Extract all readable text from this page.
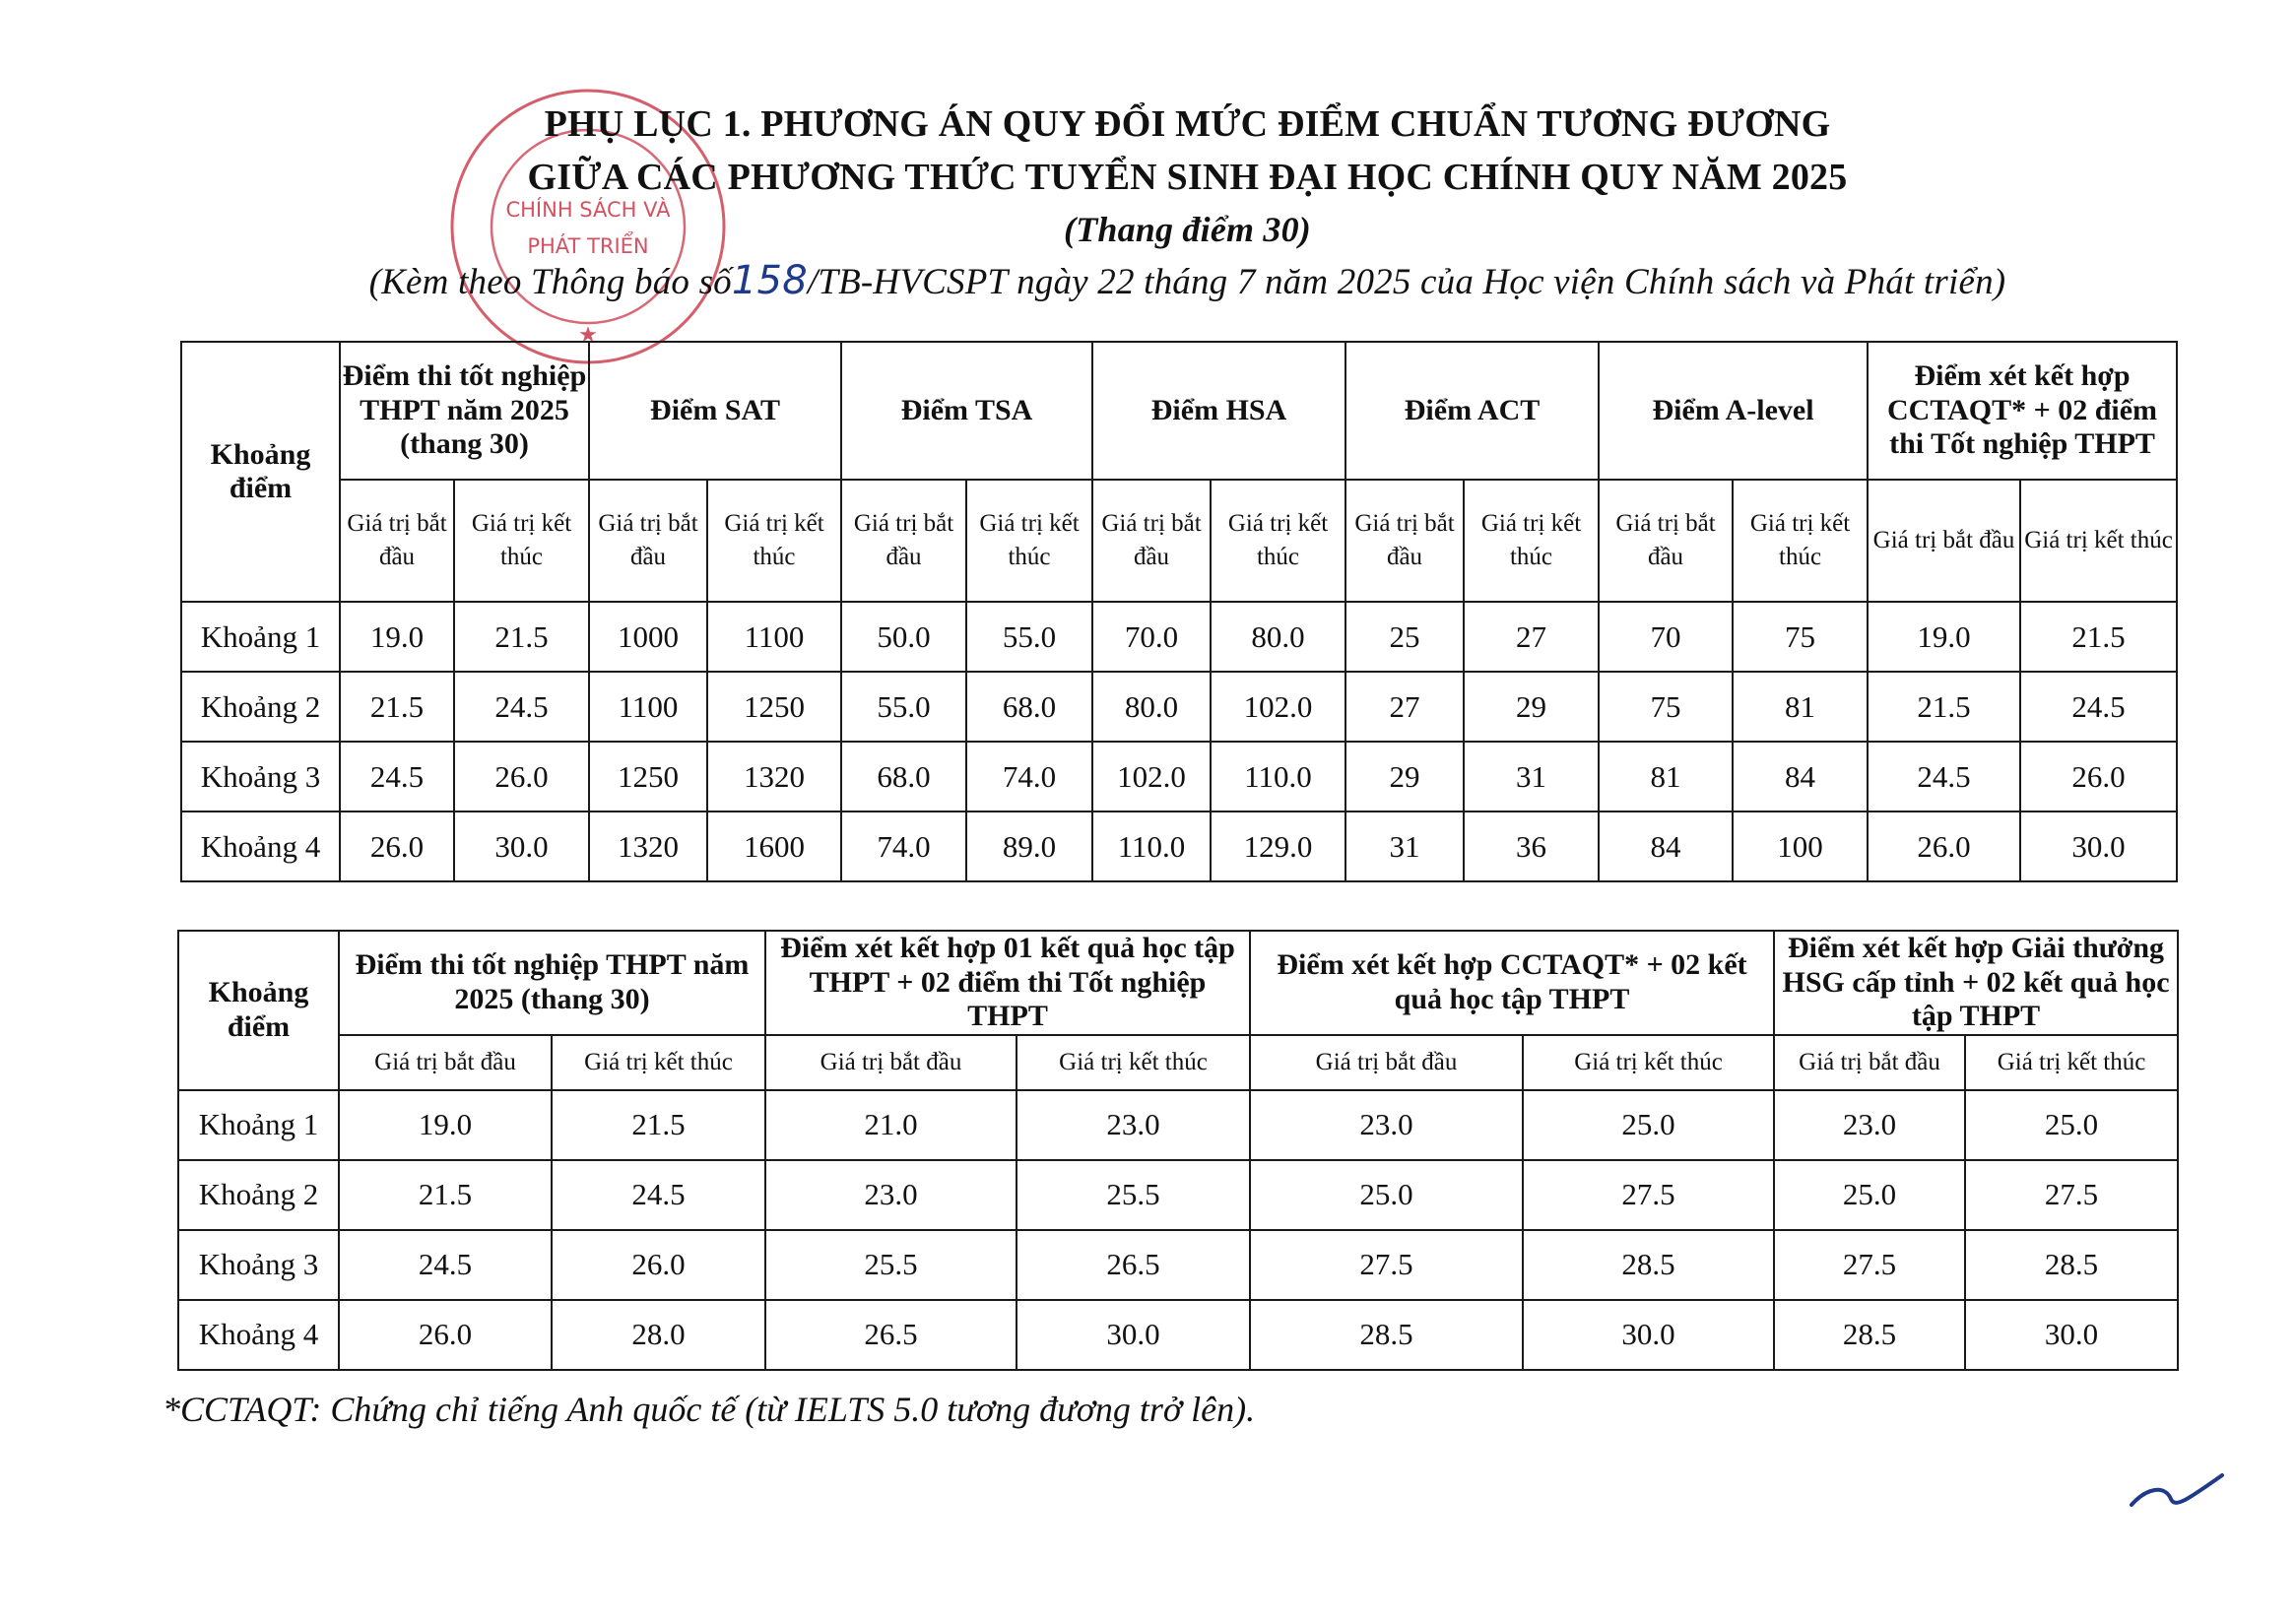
CHÍNH SÁCH VÀ
PHÁT TRIỂN
★
PHỤ LỤC 1. PHƯƠNG ÁN QUY ĐỔI MỨC ĐIỂM CHUẨN TƯƠNG ĐƯƠNG
GIỮA CÁC PHƯƠNG THỨC TUYỂN SINH ĐẠI HỌC CHÍNH QUY NĂM 2025
(Thang điểm 30)
(Kèm theo Thông báo số158/TB-HVCSPT ngày 22 tháng 7 năm 2025 của Học viện Chính sách và Phát triển)
Khoảng điểm	Điểm thi tốt nghiệp THPT năm 2025 (thang 30)		Điểm SAT		Điểm TSA		Điểm HSA		Điểm ACT		Điểm A-level		Điểm xét kết hợp CCTAQT* + 02 điểm thi Tốt nghiệp THPT	
	Giá trị bắt đầu	Giá trị kết thúc	Giá trị bắt đầu	Giá trị kết thúc	Giá trị bắt đầu	Giá trị kết thúc	Giá trị bắt đầu	Giá trị kết thúc	Giá trị bắt đầu	Giá trị kết thúc	Giá trị bắt đầu	Giá trị kết thúc	Giá trị bắt đầu	Giá trị kết thúc
Khoảng 1	19.0	21.5	1000	1100	50.0	55.0	70.0	80.0	25	27	70	75	19.0	21.5
Khoảng 2	21.5	24.5	1100	1250	55.0	68.0	80.0	102.0	27	29	75	81	21.5	24.5
Khoảng 3	24.5	26.0	1250	1320	68.0	74.0	102.0	110.0	29	31	81	84	24.5	26.0
Khoảng 4	26.0	30.0	1320	1600	74.0	89.0	110.0	129.0	31	36	84	100	26.0	30.0
Khoảng điểm	Điểm thi tốt nghiệp THPT năm 2025 (thang 30)		Điểm xét kết hợp 01 kết quả học tập THPT + 02 điểm thi Tốt nghiệp THPT		Điểm xét kết hợp CCTAQT* + 02 kết quả học tập THPT		Điểm xét kết hợp Giải thưởng HSG cấp tỉnh + 02 kết quả học tập THPT	
	Giá trị bắt đầu	Giá trị kết thúc	Giá trị bắt đầu	Giá trị kết thúc	Giá trị bắt đầu	Giá trị kết thúc	Giá trị bắt đầu	Giá trị kết thúc
Khoảng 1	19.0	21.5	21.0	23.0	23.0	25.0	23.0	25.0
Khoảng 2	21.5	24.5	23.0	25.5	25.0	27.5	25.0	27.5
Khoảng 3	24.5	26.0	25.5	26.5	27.5	28.5	27.5	28.5
Khoảng 4	26.0	28.0	26.5	30.0	28.5	30.0	28.5	30.0
*CCTAQT: Chứng chỉ tiếng Anh quốc tế (từ IELTS 5.0 tương đương trở lên).
